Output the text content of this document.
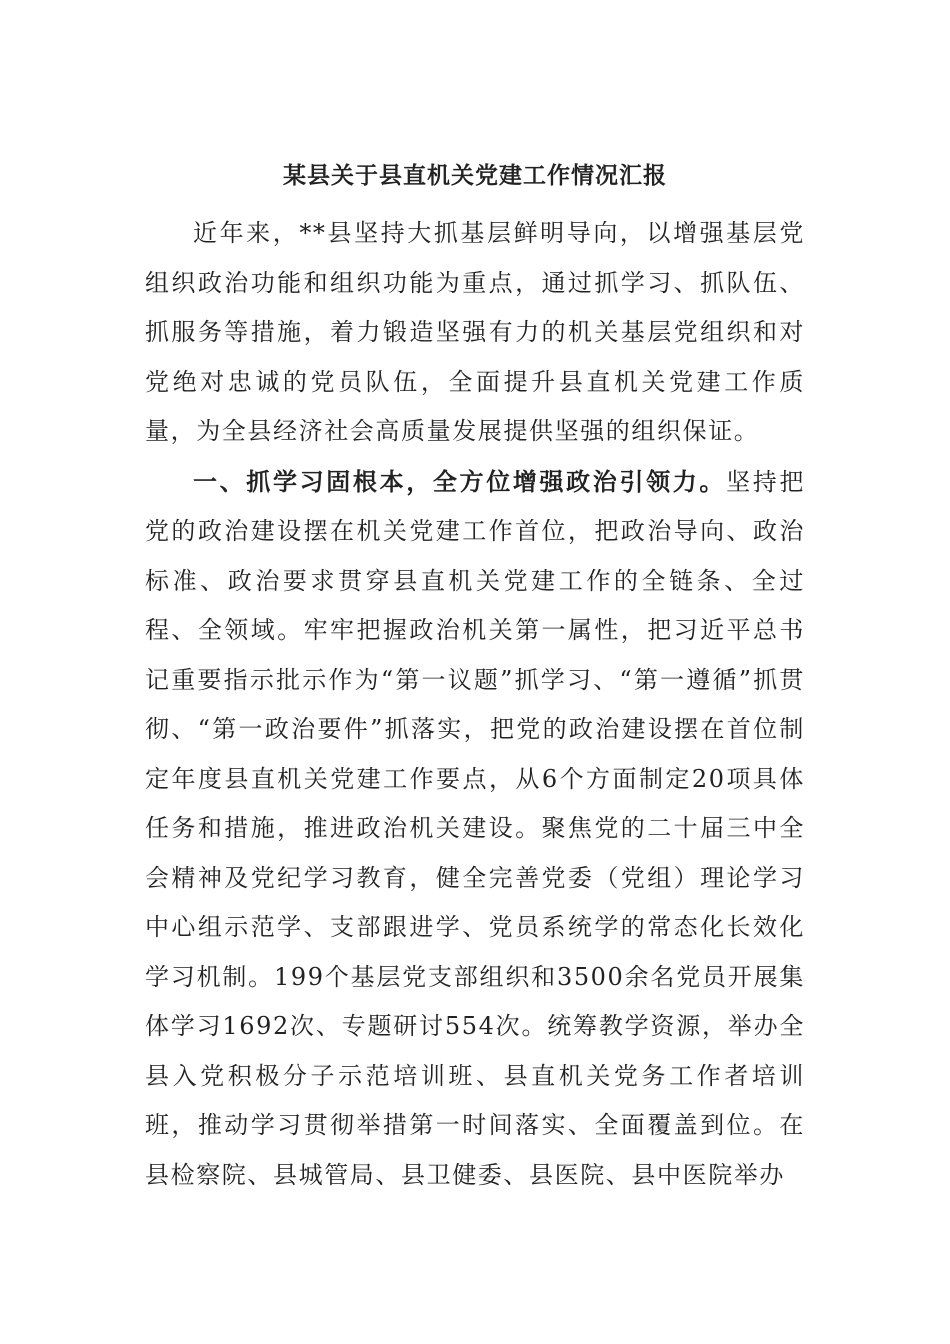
某县关于县直机关党建工作情况汇报

近年来，**县坚持大抓基层鲜明导向，以增强基层党组织政治功能和组织功能为重点，通过抓学习、抓队伍、抓服务等措施，着力锻造坚强有力的机关基层党组织和对党绝对忠诚的党员队伍，全面提升县直机关党建工作质量，为全县经济社会高质量发展提供坚强的组织保证。

一、抓学习固根本，全方位增强政治引领力。坚持把党的政治建设摆在机关党建工作首位，把政治导向、政治标准、政治要求贯穿县直机关党建工作的全链条、全过程、全领域。牢牢把握政治机关第一属性，把习近平总书记重要指示批示作为“第一议题”抓学习、“第一遵循”抓贯彻、“第一政治要件”抓落实，把党的政治建设摆在首位制定年度县直机关党建工作要点，从6个方面制定20项具体任务和措施，推进政治机关建设。聚焦党的二十届三中全会精神及党纪学习教育，健全完善党委（党组）理论学习中心组示范学、支部跟进学、党员系统学的常态化长效化学习机制。199个基层党支部组织和3500余名党员开展集体学习1692次、专题研讨554次。统筹教学资源，举办全县入党积极分子示范培训班、县直机关党务工作者培训班，推动学习贯彻举措第一时间落实、全面覆盖到位。在县检察院、县城管局、县卫健委、县医院、县中医院举办
